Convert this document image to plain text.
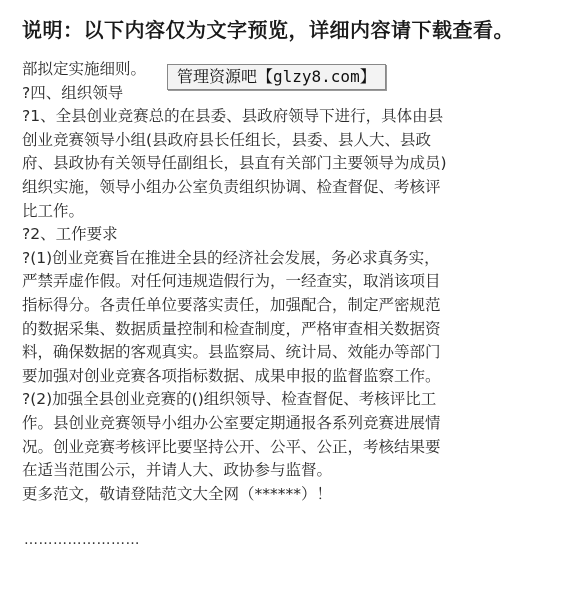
说明：以下内容仅为文字预览，详细内容请下载查看。
部拟定实施细则。
?四、组织领导
?1、全县创业竞赛总的在县委、县政府领导下进行，具体由县
创业竞赛领导小组(县政府县长任组长，县委、县人大、县政
府、县政协有关领导任副组长，县直有关部门主要领导为成员)
组织实施，领导小组办公室负责组织协调、检查督促、考核评
比工作。
?2、工作要求
?(1)创业竞赛旨在推进全县的经济社会发展，务必求真务实，
严禁弄虚作假。对任何违规造假行为，一经查实，取消该项目
指标得分。各责任单位要落实责任，加强配合，制定严密规范
的数据采集、数据质量控制和检查制度，严格审查相关数据资
料，确保数据的客观真实。县监察局、统计局、效能办等部门
要加强对创业竞赛各项指标数据、成果申报的监督监察工作。
?(2)加强全县创业竞赛的()组织领导、检查督促、考核评比工
作。县创业竞赛领导小组办公室要定期通报各系列竞赛进展情
况。创业竞赛考核评比要坚持公开、公平、公正，考核结果要
在适当范围公示，并请人大、政协参与监督。
更多范文，敬请登陆范文大全网（******）！
管理资源吧【glzy8.com】
……………………
